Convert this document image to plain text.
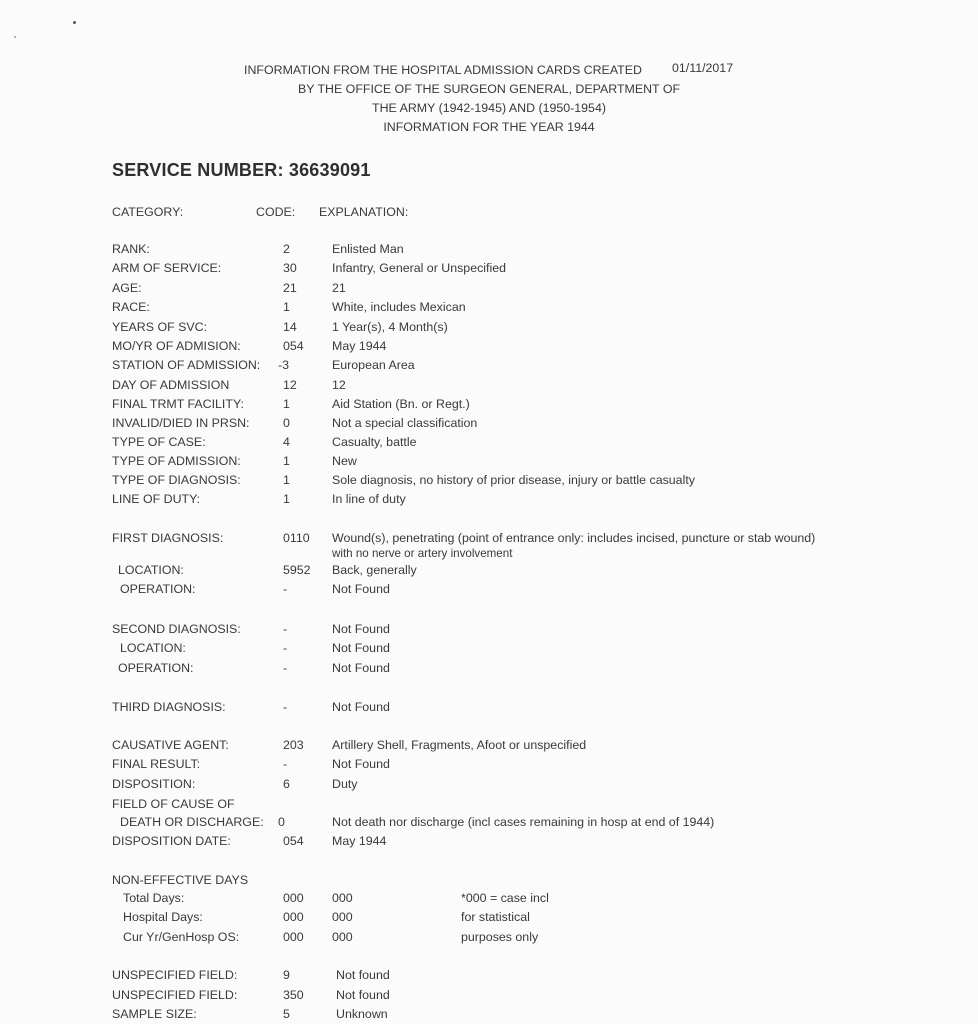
INFORMATION FROM THE HOSPITAL ADMISSION CARDS CREATED	01/11/2017
BY THE OFFICE OF THE SURGEON GENERAL, DEPARTMENT OF
THE ARMY (1942-1945) AND (1950-1954)
INFORMATION FOR THE YEAR 1944
SERVICE NUMBER: 36639091
CATEGORY:	CODE: EXPLANATION:
RANK:	2	Enlisted Man
ARM OF SERVICE:	30	Infantry, General or Unspecified
AGE:	21	21
RACE:	1	White, includes Mexican
YEARS OF SVC:	14	1 Year(s), 4 Month(s)
MO/YR OF ADMISION:	054 May 1944
STATION OF ADMISSION: -3	European Area
DAY OF ADMISSION	12	12
FINAL TRMT FACILITY:	1	Aid Station (Bn. or Regt.)
INVALID/DIED IN PRSN:	0	Not a special classification
TYPE OF CASE:	4	Casualty, battle
TYPE OF ADMISSION:	1	New
TYPE OF DIAGNOSIS:	1	Sole diagnosis, no history of prior disease, injury or battle casualty
LINE OF DUTY:	1	In line of duty
FIRST DIAGNOSIS:	0110 Wound(s), penetrating (point of entrance only: includes incised, puncture or stab wound)
with no nerve or artery involvement
LOCATION:	5952 Back, generally
OPERATION:	-	Not Found
SECOND DIAGNOSIS:	-	Not Found
LOCATION:	-	Not Found
OPERATION:	-	Not Found
THIRD DIAGNOSIS:	-	Not Found
CAUSATIVE AGENT:	203 Artillery Shell, Fragments, Afoot or unspecified
FINAL RESULT:	-	Not Found
DISPOSITION:	6	Duty
FIELD OF CAUSE OF
DEATH OR DISCHARGE: 0	Not death nor discharge (incl cases remaining in hosp at end of 1944)
DISPOSITION DATE:	054 May 1944
NON-EFFECTIVE DAYS
Total Days:	000 000	*000 = case incl
Hospital Days:	000 000	for statistical
Cur Yr/GenHosp OS:	000 000	purposes only
UNSPECIFIED FIELD:	9	Not found
UNSPECIFIED FIELD:	350	Not found
SAMPLE SIZE:	5	Unknown
